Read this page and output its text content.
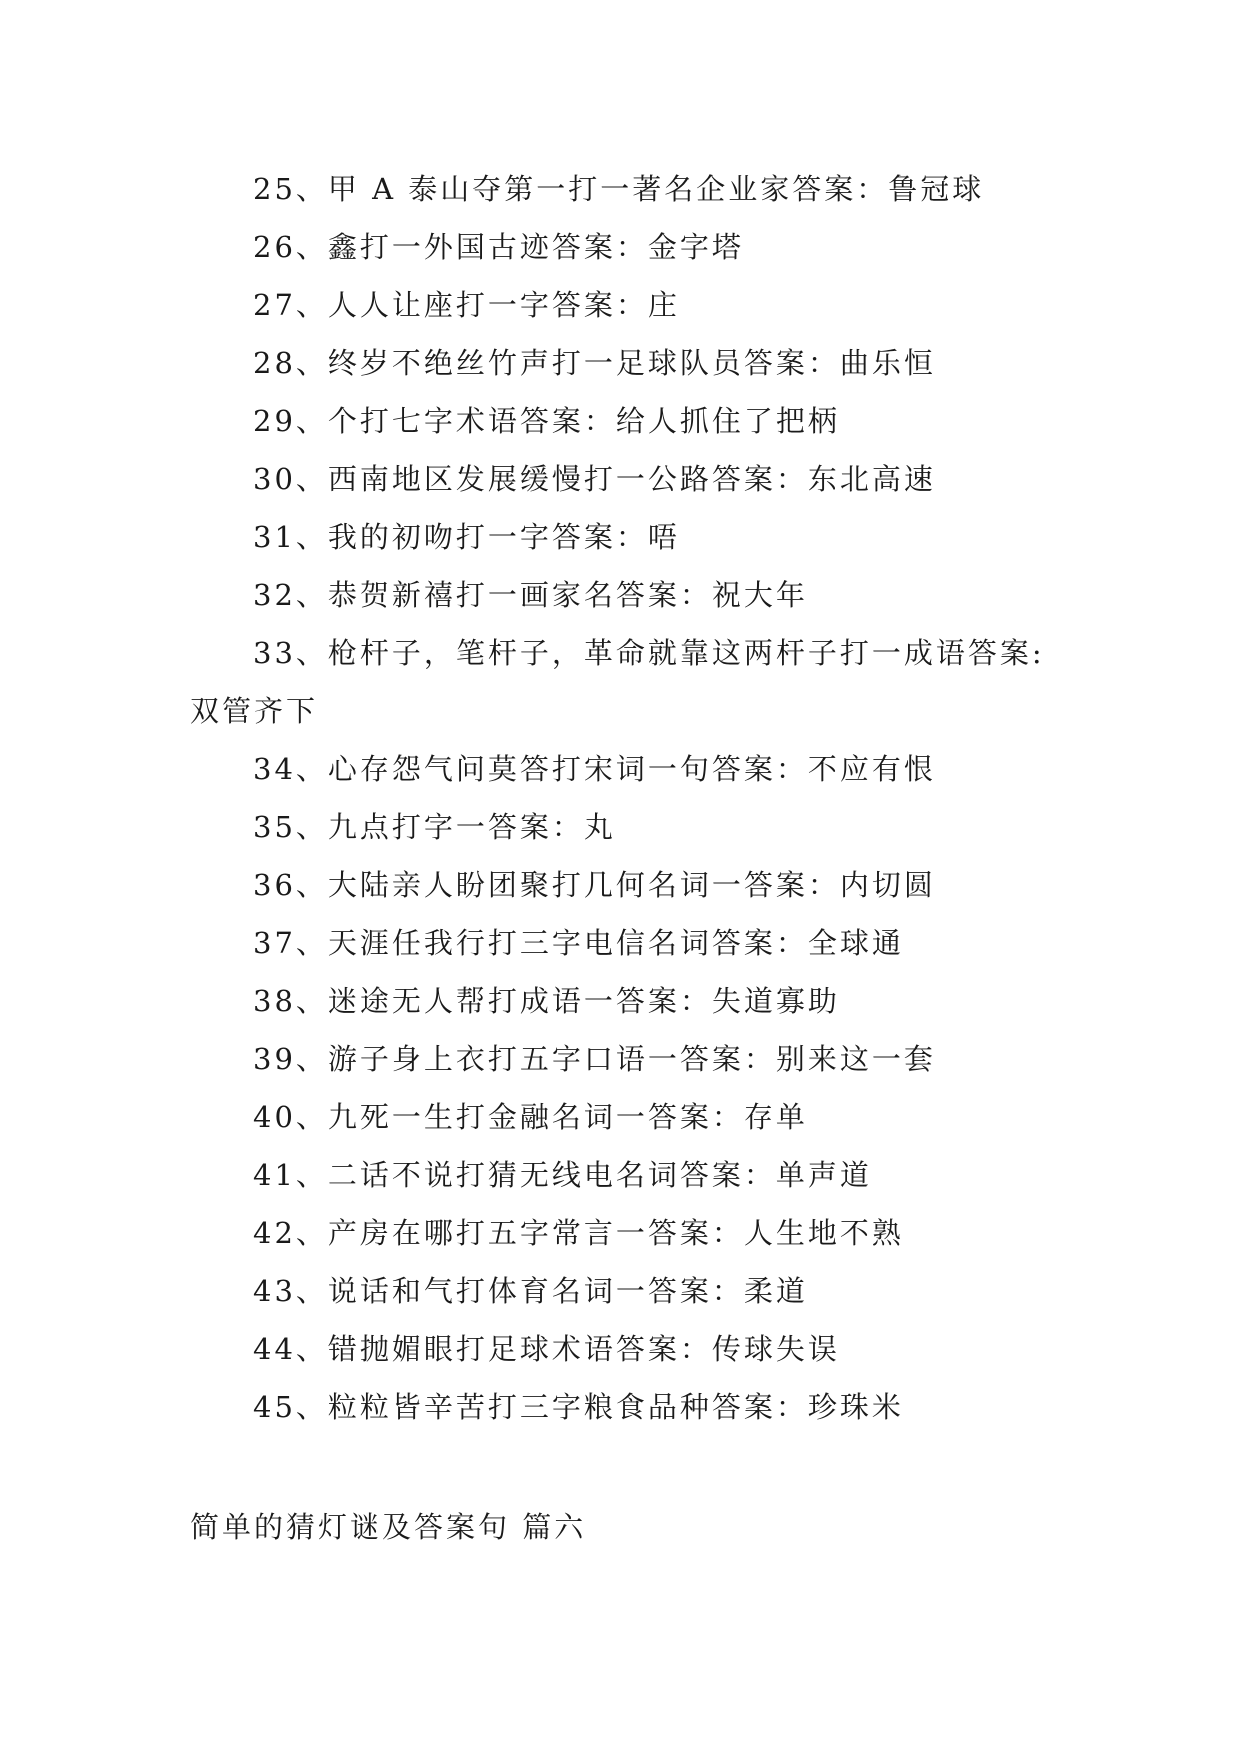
25、甲 A 泰山夺第一打一著名企业家答案：鲁冠球
26、鑫打一外国古迹答案：金字塔
27、人人让座打一字答案：庄
28、终岁不绝丝竹声打一足球队员答案：曲乐恒
29、个打七字术语答案：给人抓住了把柄
30、西南地区发展缓慢打一公路答案：东北高速
31、我的初吻打一字答案：唔
32、恭贺新禧打一画家名答案：祝大年
33、枪杆子，笔杆子，革命就靠这两杆子打一成语答案:
双管齐下
34、心存怨气问莫答打宋词一句答案：不应有恨
35、九点打字一答案：丸
36、大陆亲人盼团聚打几何名词一答案：内切圆
37、天涯任我行打三字电信名词答案：全球通
38、迷途无人帮打成语一答案：失道寡助
39、游子身上衣打五字口语一答案：别来这一套
40、九死一生打金融名词一答案：存单
41、二话不说打猜无线电名词答案：单声道
42、产房在哪打五字常言一答案：人生地不熟
43、说话和气打体育名词一答案：柔道
44、错抛媚眼打足球术语答案：传球失误
45、粒粒皆辛苦打三字粮食品种答案：珍珠米
简单的猜灯谜及答案句 篇六
